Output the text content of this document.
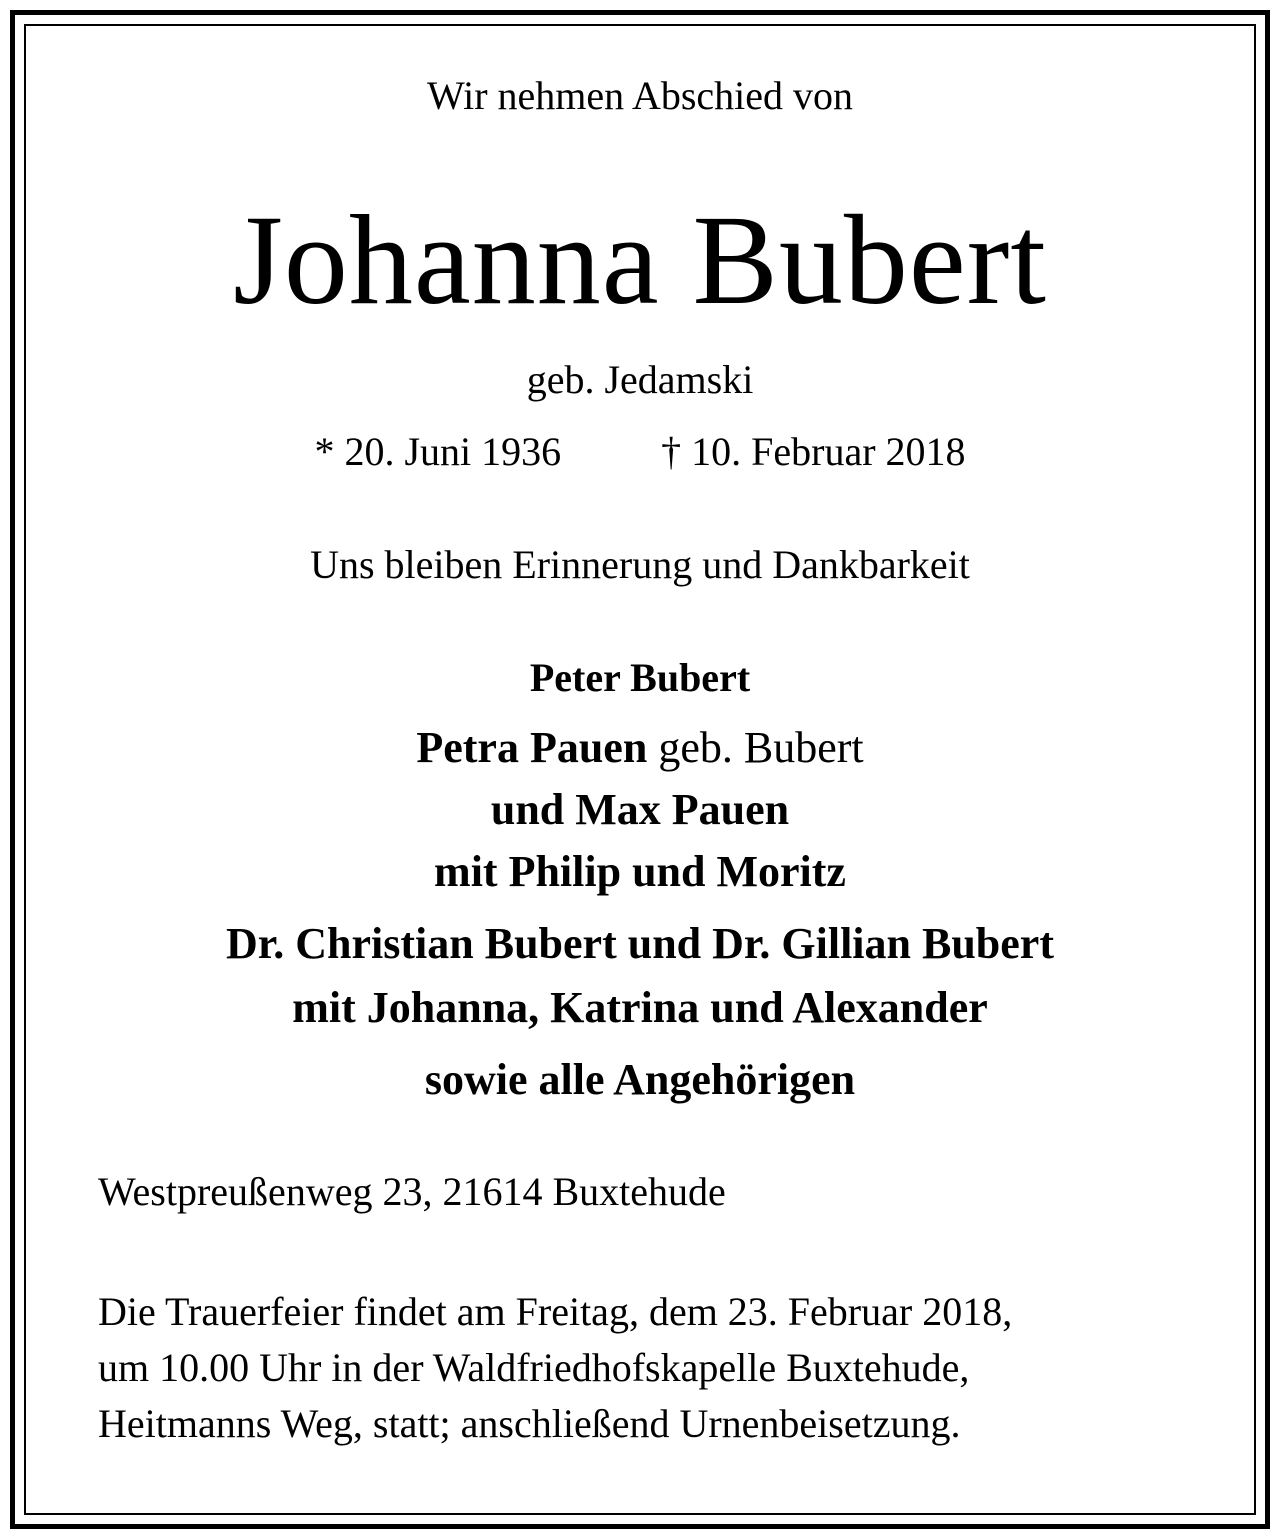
Wir nehmen Abschied von
Johanna Bubert
geb. Jedamski
* 20. Juni 1936	† 10. Februar 2018
Uns bleiben Erinnerung und Dankbarkeit
Peter Bubert
Petra Pauen geb. Bubert
und Max Pauen
mit Philip und Moritz
Dr. Christian Bubert und Dr. Gillian Bubert
mit Johanna, Katrina und Alexander
sowie alle Angehörigen
Westpreußenweg 23, 21614 Buxtehude
Die Trauerfeier findet am Freitag, dem 23. Februar 2018,
um 10.00 Uhr in der Waldfriedhofskapelle Buxtehude,
Heitmanns Weg, statt; anschließend Urnenbeisetzung.
